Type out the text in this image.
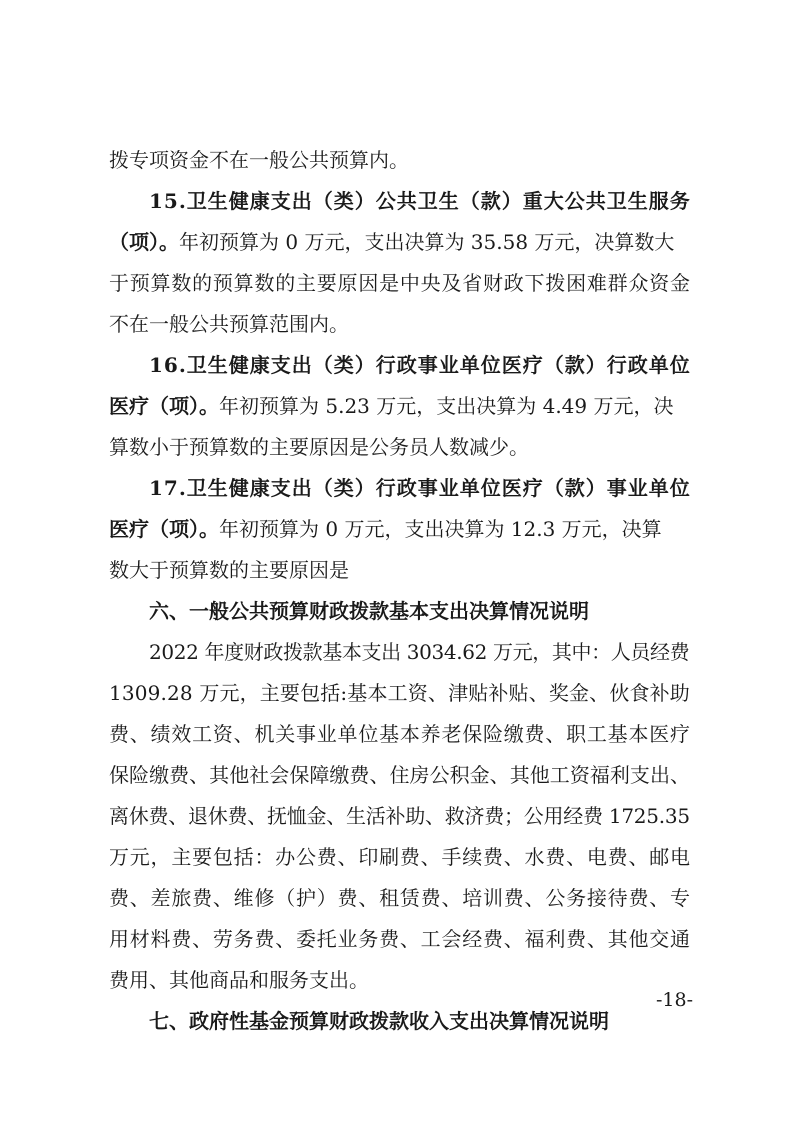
拨专项资金不在一般公共预算内。
15.卫生健康支出（类）公共卫生（款）重大公共卫生服务
（项）。年初预算为 0 万元，支出决算为 35.58 万元，决算数大
于预算数的预算数的主要原因是中央及省财政下拨困难群众资金
不在一般公共预算范围内。
16.卫生健康支出（类）行政事业单位医疗（款）行政单位
医疗（项）。年初预算为 5.23 万元，支出决算为 4.49 万元，决
算数小于预算数的主要原因是公务员人数减少。
17.卫生健康支出（类）行政事业单位医疗（款）事业单位
医疗（项）。年初预算为 0 万元，支出决算为 12.3 万元，决算
数大于预算数的主要原因是
六、一般公共预算财政拨款基本支出决算情况说明
2022 年度财政拨款基本支出 3034.62 万元，其中：人员经费
1309.28 万元，主要包括:基本工资、津贴补贴、奖金、伙食补助
费、绩效工资、机关事业单位基本养老保险缴费、职工基本医疗
保险缴费、其他社会保障缴费、住房公积金、其他工资福利支出、
离休费、退休费、抚恤金、生活补助、救济费；公用经费 1725.35
万元，主要包括：办公费、印刷费、手续费、水费、电费、邮电
费、差旅费、维修（护）费、租赁费、培训费、公务接待费、专
用材料费、劳务费、委托业务费、工会经费、福利费、其他交通
费用、其他商品和服务支出。
七、政府性基金预算财政拨款收入支出决算情况说明
-18-
